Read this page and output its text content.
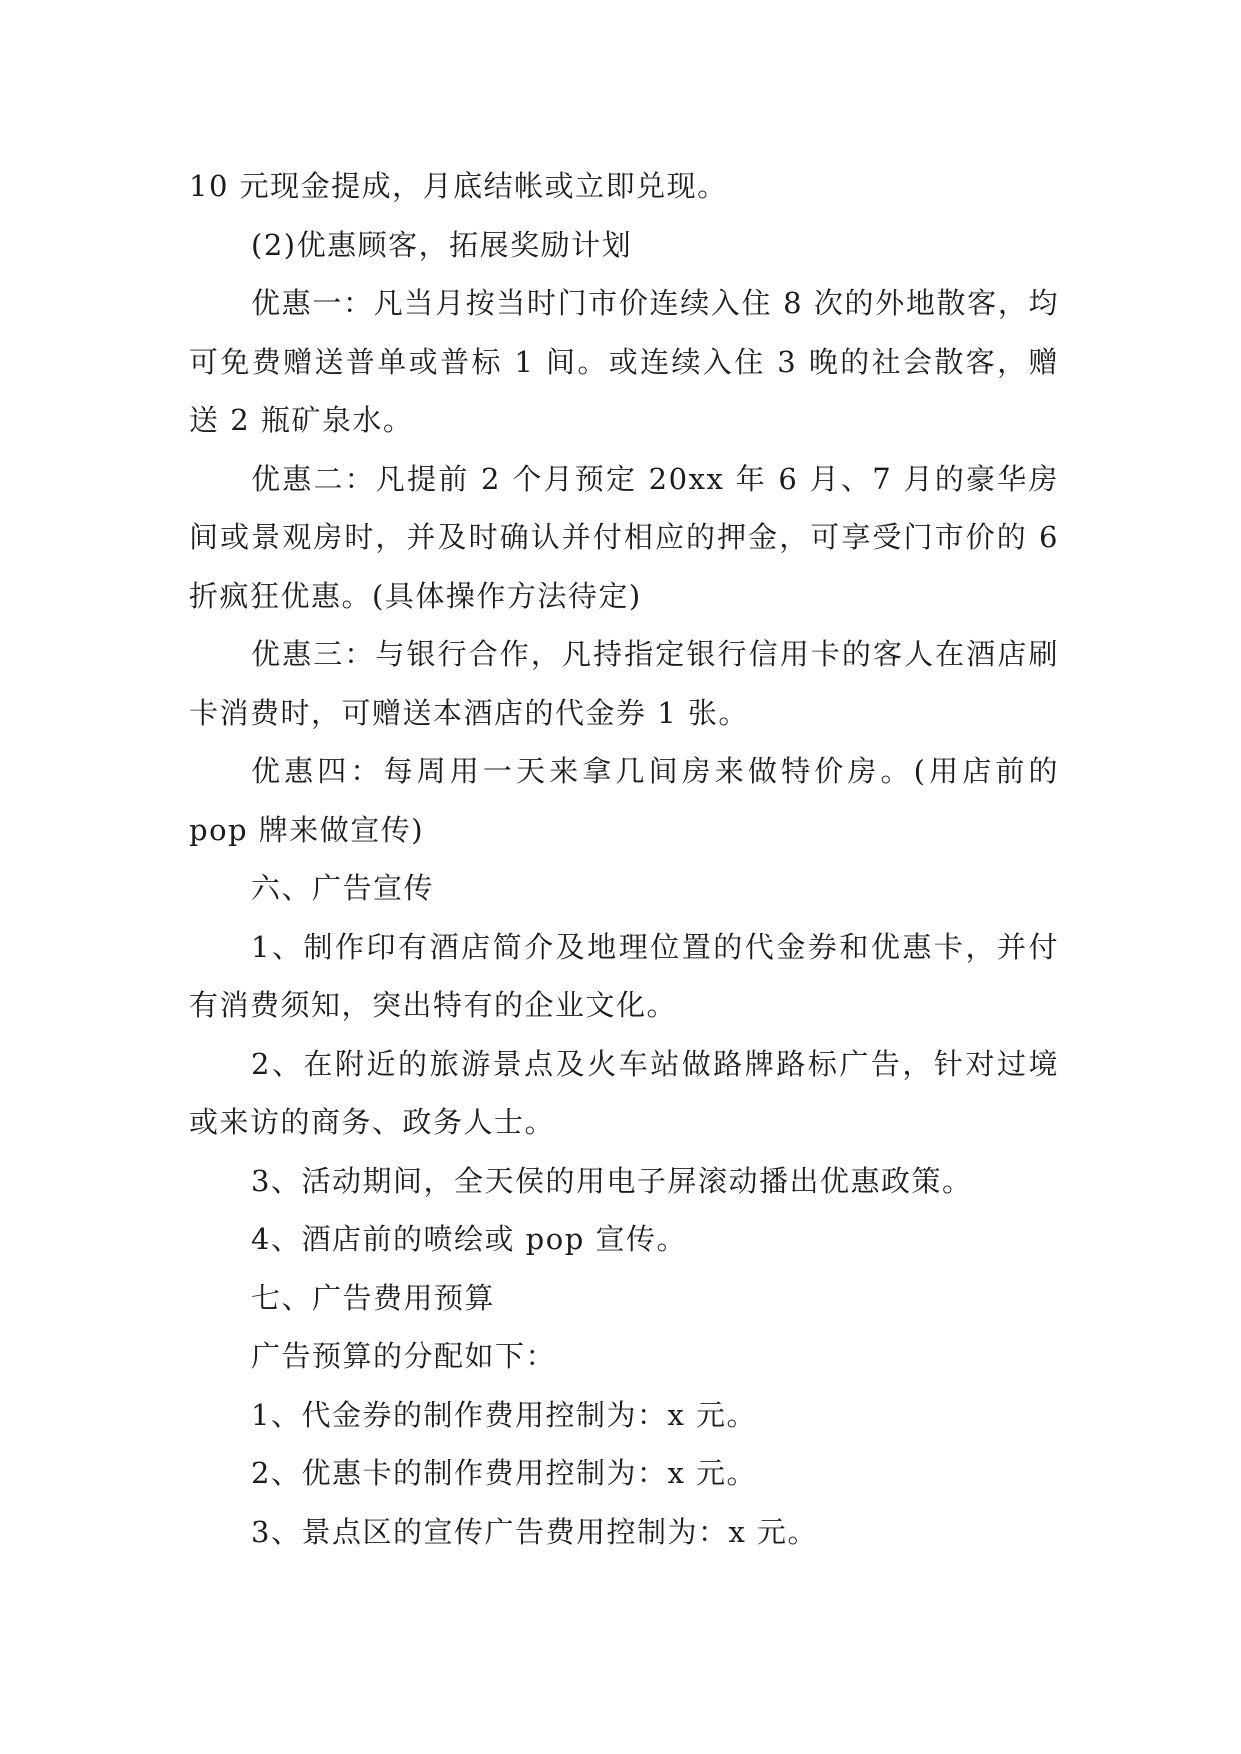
10 元现金提成，月底结帐或立即兑现。

(2)优惠顾客，拓展奖励计划

优惠一：凡当月按当时门市价连续入住 8 次的外地散客，均可免费赠送普单或普标 1 间。或连续入住 3 晚的社会散客，赠送 2 瓶矿泉水。

优惠二：凡提前 2 个月预定 20xx 年 6 月、7 月的豪华房间或景观房时，并及时确认并付相应的押金，可享受门市价的 6 折疯狂优惠。(具体操作方法待定)

优惠三：与银行合作，凡持指定银行信用卡的客人在酒店刷卡消费时，可赠送本酒店的代金券 1 张。

优惠四：每周用一天来拿几间房来做特价房。(用店前的 pop 牌来做宣传)

六、广告宣传

1、制作印有酒店简介及地理位置的代金券和优惠卡，并付有消费须知，突出特有的企业文化。

2、在附近的旅游景点及火车站做路牌路标广告，针对过境或来访的商务、政务人士。

3、活动期间，全天侯的用电子屏滚动播出优惠政策。

4、酒店前的喷绘或 pop 宣传。

七、广告费用预算

广告预算的分配如下：

1、代金券的制作费用控制为：x 元。

2、优惠卡的制作费用控制为：x 元。

3、景点区的宣传广告费用控制为：x 元。
